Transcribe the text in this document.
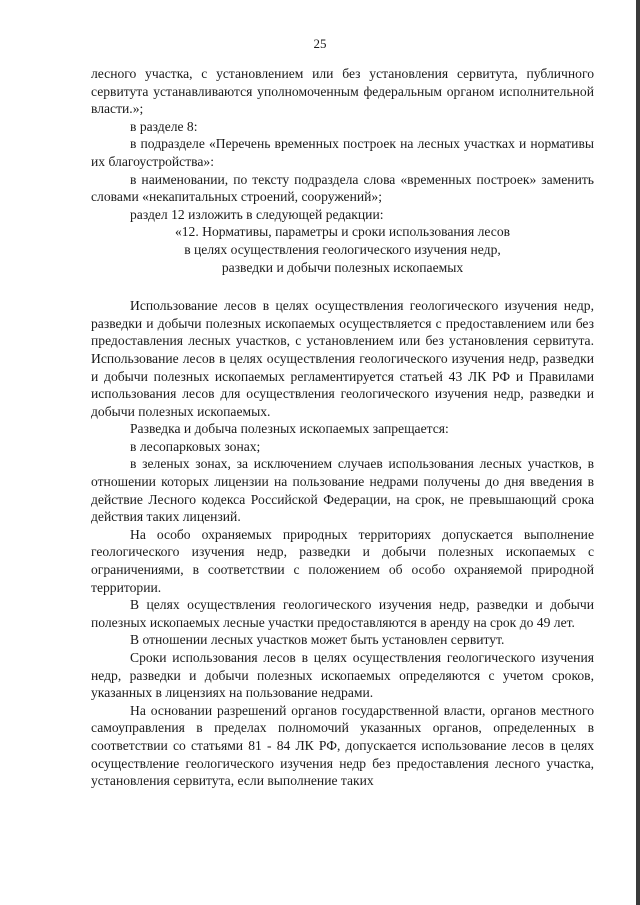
25

лесного участка, с установлением или без установления сервитута, публичного сервитута устанавливаются уполномоченным федеральным органом исполнительной власти.»;

в разделе 8:

в подразделе «Перечень временных построек на лесных участках и нормативы их благоустройства»:

в наименовании, по тексту подраздела слова «временных построек» заменить словами «некапитальных строений, сооружений»;

раздел 12 изложить в следующей редакции:

«12. Нормативы, параметры и сроки использования лесов

в целях осуществления геологического изучения недр,

разведки и добычи полезных ископаемых

Использование лесов в целях осуществления геологического изучения недр, разведки и добычи полезных ископаемых осуществляется с предоставлением или без предоставления лесных участков, с установлением или без установления сервитута. Использование лесов в целях осуществления геологического изучения недр, разведки и добычи полезных ископаемых регламентируется статьей 43 ЛК РФ и Правилами использования лесов для осуществления геологического изучения недр, разведки и добычи полезных ископаемых.

Разведка и добыча полезных ископаемых запрещается:

в лесопарковых зонах;

в зеленых зонах, за исключением случаев использования лесных участков, в отношении которых лицензии на пользование недрами получены до дня введения в действие Лесного кодекса Российской Федерации, на срок, не превышающий срока действия таких лицензий.

На особо охраняемых природных территориях допускается выполнение геологического изучения недр, разведки и добычи полезных ископаемых с ограничениями, в соответствии с положением об особо охраняемой природной территории.

В целях осуществления геологического изучения недр, разведки и добычи полезных ископаемых лесные участки предоставляются в аренду на срок до 49 лет.

В отношении лесных участков может быть установлен сервитут.

Сроки использования лесов в целях осуществления геологического изучения недр, разведки и добычи полезных ископаемых определяются с учетом сроков, указанных в лицензиях на пользование недрами.

На основании разрешений органов государственной власти, органов местного самоуправления в пределах полномочий указанных органов, определенных в соответствии со статьями 81 - 84 ЛК РФ, допускается использование лесов в целях осуществление геологического изучения недр без предоставления лесного участка, установления сервитута, если выполнение таких
